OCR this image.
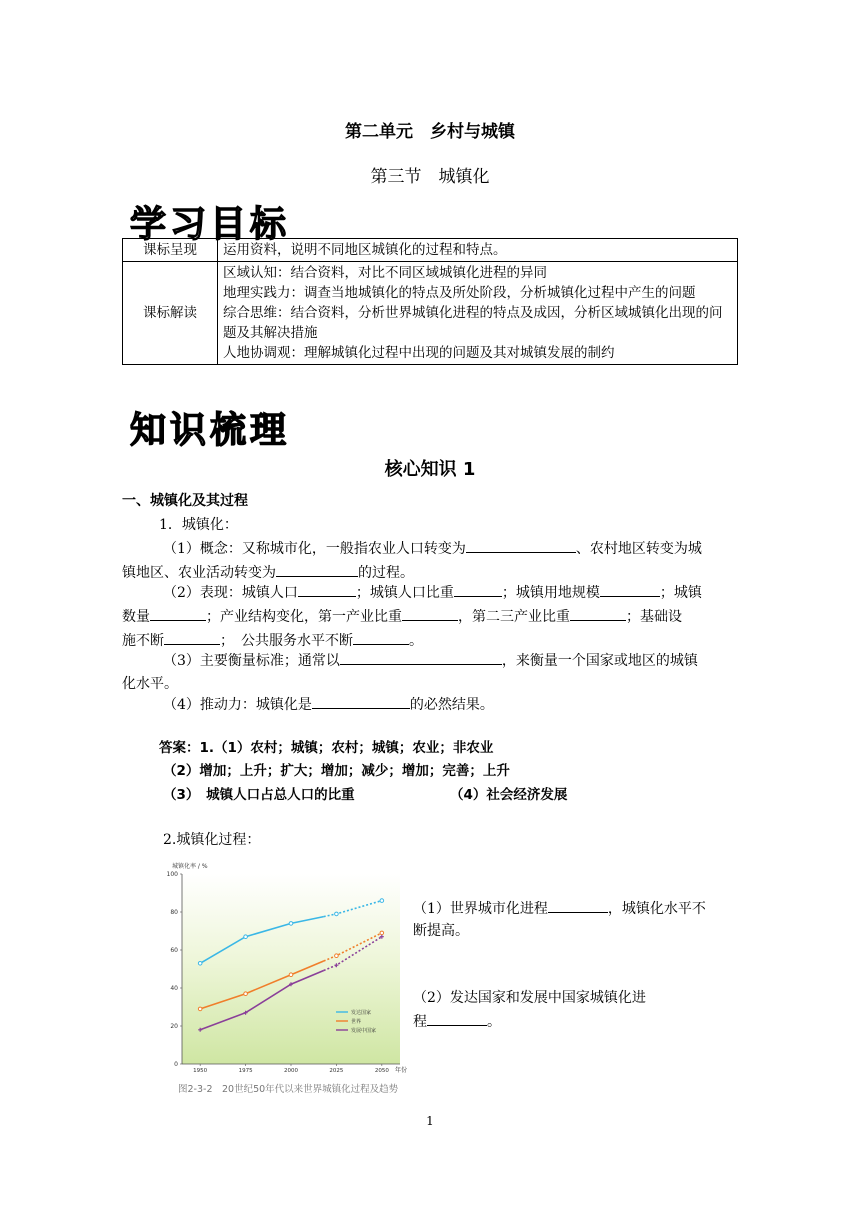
第二单元　乡村与城镇
第三节　城镇化
学习目标
课标呈现	运用资料，说明不同地区城镇化的过程和特点。
课标解读	区域认知：结合资料，对比不同区域城镇化进程的异同
地理实践力：调查当地城镇化的特点及所处阶段，分析城镇化过程中产生的问题
综合思维：结合资料，分析世界城镇化进程的特点及成因，分析区域城镇化出现的问题及其解决措施
人地协调观：理解城镇化过程中出现的问题及其对城镇发展的制约
知识梳理
核心知识 1
一、城镇化及其过程
1．城镇化：
（1）概念：又称城市化，一般指农业人口转变为	、农村地区转变为城
镇地区、农业活动转变为	的过程。
（2）表现：城镇人口	；城镇人口比重	；城镇用地规模	；城镇
数量	；产业结构变化，第一产业比重	，第二三产业比重	；基础设
施不断	；　公共服务水平不断	。
（3）主要衡量标准；通常以	，来衡量一个国家或地区的城镇
化水平。
（4）推动力：城镇化是	的必然结果。
答案：1.（1）农村；城镇；农村；城镇；农业；非农业
（2）增加；上升；扩大；增加；减少；增加；完善；上升
（3）　城镇人口占总人口的比重	（4）社会经济发展
2.城镇化过程：
0
20
40
60
80
100
1950	1975	2000	2025	2050
发达国家
世界
发展中国家
城镇化率 / %
年份
图2-3-2　20世纪50年代以来世界城镇化过程及趋势
（1）世界城市化进程	，城镇化水平不
断提高。
（2）发达国家和发展中国家城镇化进
程	。
1
